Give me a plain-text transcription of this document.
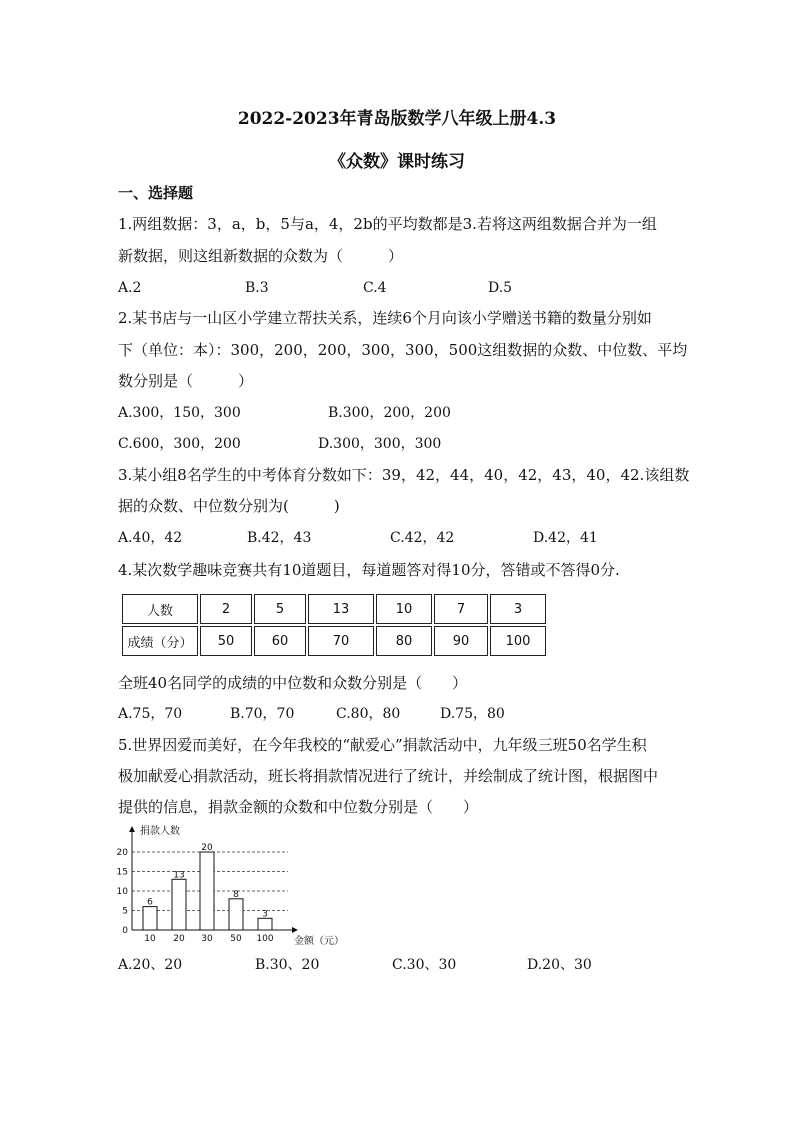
2022-2023年青岛版数学八年级上册4.3
《众数》课时练习
一、选择题
1.两组数据：3，a，b，5与a，4，2b的平均数都是3.若将这两组数据合并为一组
新数据，则这组新数据的众数为（　　　）
A.2	B.3	C.4	D.5
2.某书店与一山区小学建立帮扶关系，连续6个月向该小学赠送书籍的数量分别如
下（单位：本）：300，200，200，300，300，500这组数据的众数、中位数、平均
数分别是（　　　）
A.300，150，300	B.300，200，200
C.600，300，200	D.300，300，300
3.某小组8名学生的中考体育分数如下：39，42，44，40，42，43，40，42.该组数
据的众数、中位数分别为(　　　)
A.40，42	B.42，43	C.42，42	D.42，41
4.某次数学趣味竞赛共有10道题目，每道题答对得10分，答错或不答得0分.
人数	2	5	13	10	7	3
成绩（分）	50	60	70	80	90	100
全班40名同学的成绩的中位数和众数分别是（　　）
A.75，70	B.70，70	C.80，80	D.75，80
5.世界因爱而美好，在今年我校的“献爱心”捐款活动中，九年级三班50名学生积
极加献爱心捐款活动，班长将捐款情况进行了统计，并绘制成了统计图，根据图中
提供的信息，捐款金额的众数和中位数分别是（　　）
0
5
10
15
20
6
10
13
20
20
30
8
50
3
100
捐款人数
金额（元）
A.20、20	B.30、20	C.30、30	D.20、30
